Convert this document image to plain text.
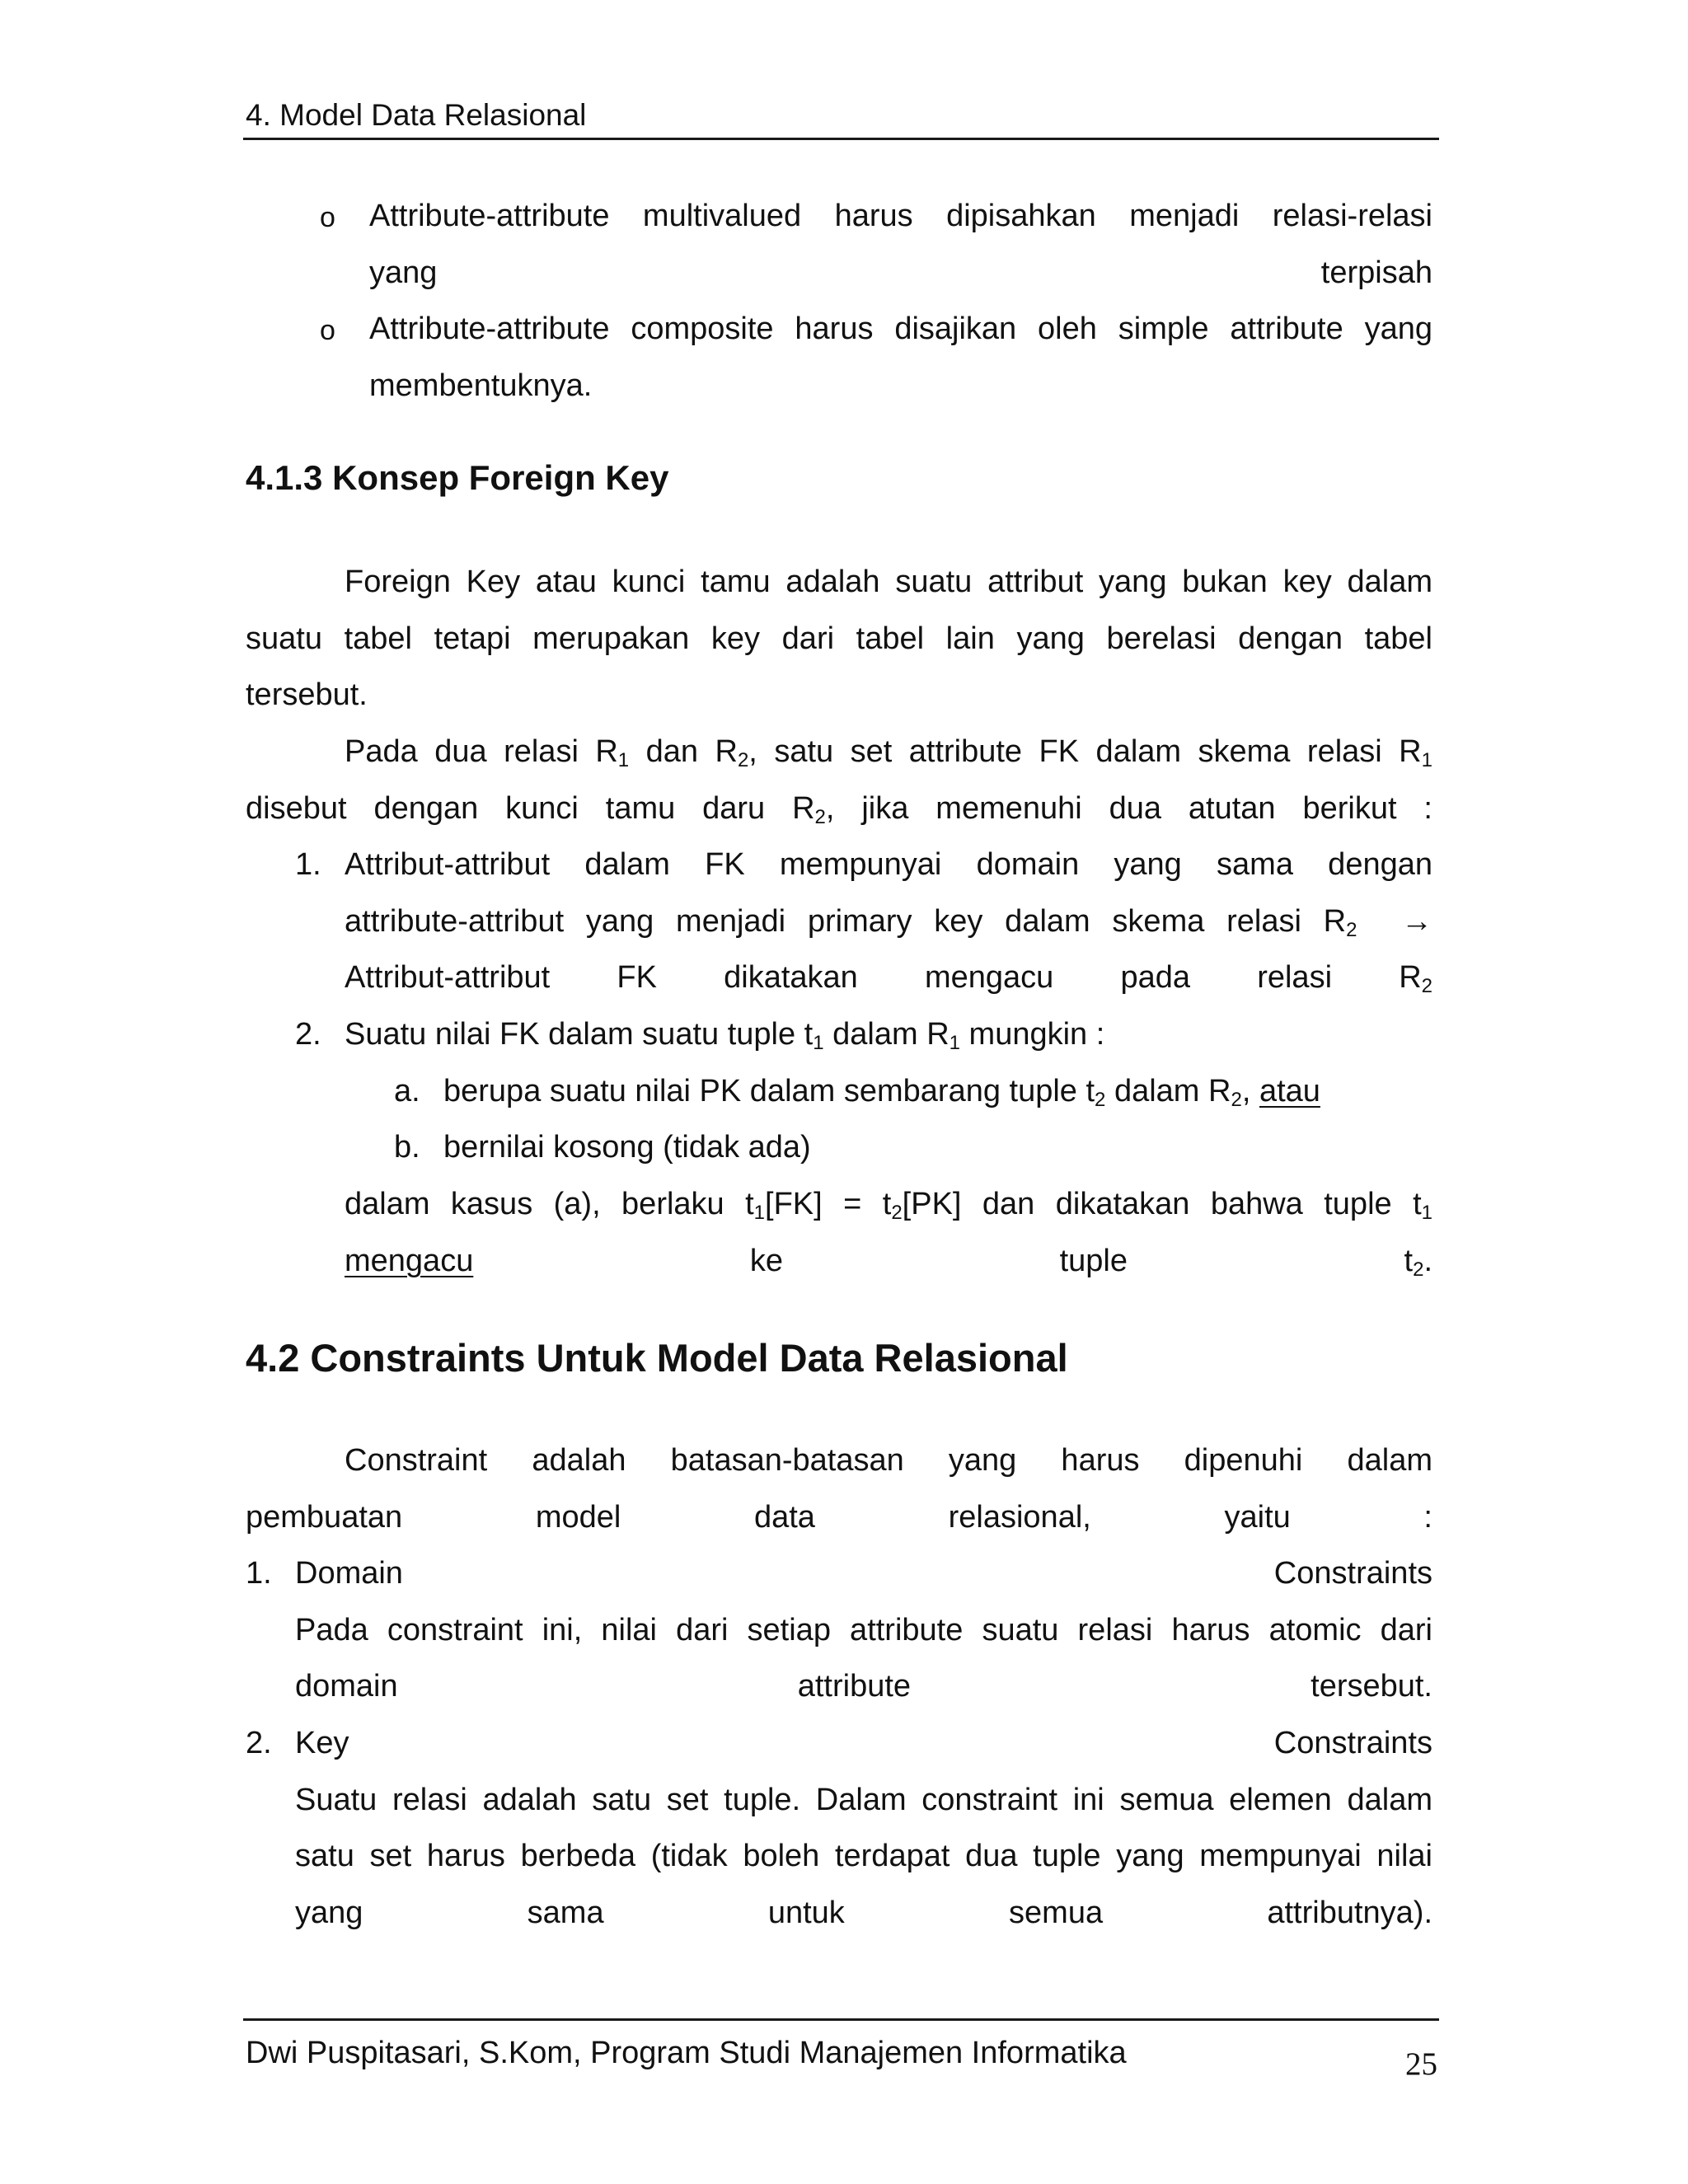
4. Model Data Relasional
o Attribute-attribute multivalued harus dipisahkan menjadi relasi-relasi
yang terpisah
o Attribute-attribute composite harus disajikan oleh simple attribute yang
membentuknya.
4.1.3 Konsep Foreign Key
Foreign Key atau kunci tamu adalah suatu attribut yang bukan key dalam
suatu tabel tetapi merupakan key dari tabel lain yang berelasi dengan tabel
tersebut.
Pada dua relasi $R_1$ dan $R_2$, satu set attribute FK dalam skema relasi $R_1$
disebut dengan kunci tamu daru $R_2$, jika memenuhi dua atutan berikut :
1. Attribut-attribut dalam FK mempunyai domain yang sama dengan
attribute-attribut yang menjadi primary key dalam skema relasi $R_2$ →
Attribut-attribut FK dikatakan mengacu pada relasi $R_2$
2. Suatu nilai FK dalam suatu tuple $t_1$ dalam $R_1$ mungkin :
a. berupa suatu nilai PK dalam sembarang tuple $t_2$ dalam $R_2$, atau
b. bernilai kosong (tidak ada)
dalam kasus (a), berlaku $t_1[FK] = t_2[PK]$ dan dikatakan bahwa tuple $t_1$
mengacu ke tuple $t_2$.
4.2 Constraints Untuk Model Data Relasional
Constraint adalah batasan-batasan yang harus dipenuhi dalam
pembuatan model data relasional, yaitu :
1. Domain Constraints
Pada constraint ini, nilai dari setiap attribute suatu relasi harus atomic dari
domain attribute tersebut.
2. Key Constraints
Suatu relasi adalah satu set tuple. Dalam constraint ini semua elemen dalam
satu set harus berbeda (tidak boleh terdapat dua tuple yang mempunyai nilai
yang sama untuk semua attributnya).
Dwi Puspitasari, S.Kom, Program Studi Manajemen Informatika	25
